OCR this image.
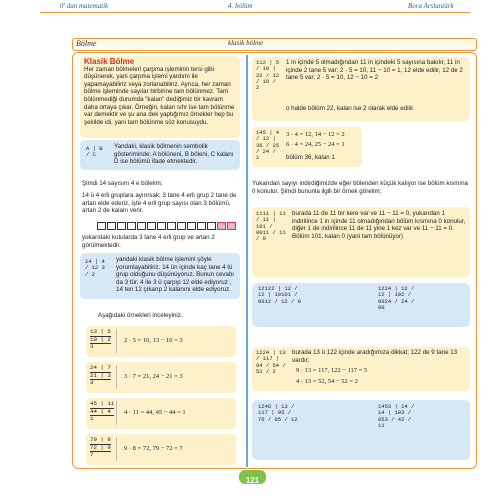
0' dan matematik	4. bölüm	Bora Arslantürk
Bölme	klasik bölme
Klasik Bölme
Her zaman bölmeleri çarpma işleminin tersi gibi düşünerek, yani çarpma işlemi yardımı ile yapamayabiliriz veya zorlanabiliriz. Ayrıca, her zaman bölme işleminde sayılar birbirine tam bölünmez. Tam bölünmediği durumda "kalan" dediğimiz bir kavram daha ortaya çıkar. Örneğin, kalan sıfır ise tam bölünme var demektir ve şu ana dek yaptığımız örnekler hep bu şekilde idi, yani tam bölünme söz konusuydu.
A | B / C
Yandaki, klasik bölmenin sembolik gösteriminde; A bölüneni, B böleni, C kalanı D ise bölümü ifade etmektedir.
Şimdi 14 sayısını 4 e bölelim;
14 ü 4 erli gruplara ayırırsak; 3 tane 4 erli grup 2 tane de artan elde ederiz, işte 4 erli grup sayısı olan 3 bölümü, artan 2 de kalanı verir.
yukarıdaki kutularda 3 tane 4 erli grup ve artan 2 görülmektedir.
14 | 4 / 12 3 / 2
yandaki klasik bölme işlemini şöyle yorumlayabiliriz. 14 ün içinde kaç tane 4 lü grup olduğunu düşünüyoruz. Bunun cevabı da 3 tür. 4 ile 3 ü çarpıp 12 elde ediyoruz , 14 ten 12 çıkarıp 2 kalanını elde ediyoruz.
Aşağıdaki örnekleri inceleyiniz.
13 | 5
10 | 2
3
2 · 5 = 10, 13 − 10 = 3
24 | 7
21 | 3
3
3 · 7 = 21, 24 − 21 = 3
45 | 11
44 | 4
1
4 · 11 = 44, 45 − 44 = 1
79 | 8
72 | 9
7
9 · 8 = 72, 79 − 72 = 7
112 | 5 / 10 | 22 / 12 / 10 / 2
1 in içinde 5 olmadığından 11 in içindeki 5 sayısına bakılır, 11 in içinde 2 tane 5 var; 2 · 5 = 10, 11 − 10 = 1, 12 elde edilir, 12 de 2 tane 5 var; 2 · 5 = 10, 12 − 10 = 2
o halde bölüm 22, kalan ise 2 olarak elde edilir.
145 | 4 / 12 | 36 / 25 / 24 / 1
3 · 4 = 12, 14 − 12 = 2
6 · 4 = 24, 25 − 24 = 1
bölüm 36, kalan 1
Yukarıdan sayıyı indirdiğimizde eğer bölenden küçük kalıyor ise bölüm kısmına 0 konulur. Şimdi bununla ilgili bir örnek görelim;
1111 | 11 / 11 | 101 / 0011 / 11 / 0
burada 11 de 11 bir kere var ve 11 − 11 = 0, yukarıdan 1 indirilince 1 in içinde 11 olmadığından bölüm kısmına 0 konulur, diğer 1 de indirilince 11 de 11 yine 1 kez var ve 11 − 11 = 0. Bölüm 101, kalan 0 (yani tam bölünüyor)
12122 | 12 / 12 | 10101 / 0012 / 12 / 0
1224 | 12 / 12 | 102 / 0024 / 24 / 00
1224 | 13 / 117 | 94 / 54 / 52 / 2
burada 13 ü 122 içinde aradığımıza dikkat; 122 de 9 tane 13 vardır;
9 · 13 = 117, 122 − 117 = 5
4 · 13 = 52, 54 − 52 = 2
1246 | 13 / 117 | 95 / 76 / 65 / 12
1453 | 14 / 14 | 103 / 053 / 42 / 11
121
